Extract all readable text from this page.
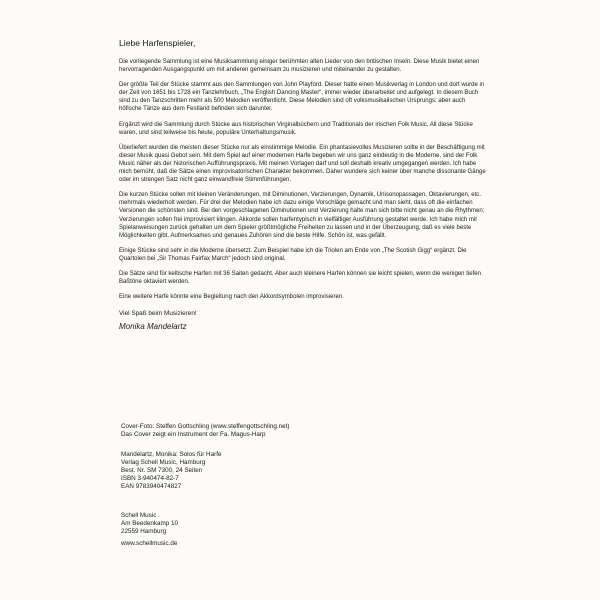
Liebe Harfenspieler,

Die vorliegende Sammlung ist eine Musiksammlung einiger berühmten alten Lieder von den britischen Inseln. Diese Musik bietet einen hervorragenden Ausgangspunkt um mit anderen gemeinsam zu musizieren und miteinander zu gestalten.

Der größte Teil der Stücke stammt aus den Sammlungen von John Playford. Dieser hatte einen Musikverlag in London und dort wurde in der Zeit von 1651 bis 1728 ein Tanzlehrbuch, „The English Dancing Master“, immer wieder überarbeitet und aufgelegt. In diesem Buch sind zu den Tanzschritten mehr als 500 Melodien veröffentlicht. Diese Melodien sind oft volksmusikalischen Ursprungs; aber auch höfische Tänze aus dem Festland befinden sich darunter.

Ergänzt wird die Sammlung durch Stücke aus historischen Virginalbüchern und Traditionals der irischen Folk Music. All diese Stücke waren, und sind teilweise bis heute, populäre Unterhaltungsmusik.

Überliefert wurden die meisten dieser Stücke nur als einstimmige Melodie. Ein phantasievolles Musizieren sollte in der Beschäftigung mit dieser Musik quasi Gebot sein. Mit dem Spiel auf einer modernen Harfe begeben wir uns ganz eindeutig in die Moderne, sind der Folk Music näher als der historischen Aufführungspraxis. Mit meinen Vorlagen darf und soll deshalb kreativ umgegangen werden. Ich habe mich bemüht, daß die Sätze einen improvisatorischen Charakter bekommen. Daher wundere sich keiner über manche dissonante Gänge oder im strengen Satz nicht ganz einwandfreie Stimmführungen.

Die kurzen Stücke sollen mit kleinen Veränderungen, mit Diminutionen, Verzierungen, Dynamik, Unisonopassagen, Oktavierungen, etc. mehrmals wiederholt werden. Für drei der Melodien habe ich dazu einige Vorschläge gemacht und man sieht, dass oft die einfachen Versionen die schönsten sind. Bei den vorgeschlagenen Diminutionen und Verzierung halte man sich bitte nicht genau an die Rhythmen; Verzierungen sollen frei improvisiert klingen. Akkorde sollen harfentypisch in vielfältiger Ausführung gestaltet werde. Ich habe mich mit Spielanweisungen zurück gehalten um dem Spieler größtmögliche Freiheiten zu lassen und in der Überzeugung, daß es viele beste Möglichkeiten gibt. Aufmerksames und genaues Zuhören sind die beste Hilfe. Schön ist, was gefällt.

Einige Stücke sind sehr in die Moderne übersetzt. Zum Beispiel habe ich die Triolen am Ende von „The Scotish Gigg“ ergänzt. Die Quartolen bei „Sir Thomas Fairfax March“ jedoch sind original.

Die Sätze sind für keltische Harfen mit 36 Saiten gedacht. Aber auch kleinere Harfen können sie leicht spielen, wenn die wenigen tiefen Baßtöne oktaviert werden.

Eine weitere Harfe könnte eine Begleitung nach den Akkordsymbolen improvisieren.

Viel Spaß beim Musizieren!

Monika Mandelartz

Cover-Foto: Steffen Gottschling (www.steffengottschling.net)
Das Cover zeigt ein Instrument der Fa. Magus-Harp
Mandelartz, Monika: Solos für Harfe
Verlag Schell Music, Hamburg
Best. Nr. SM 7300, 24 Seiten
ISBN 3-940474-82-7
EAN 9783940474827
Schell Music
Am Beedenkamp 10
22559 Hamburg
www.schellmusic.de
